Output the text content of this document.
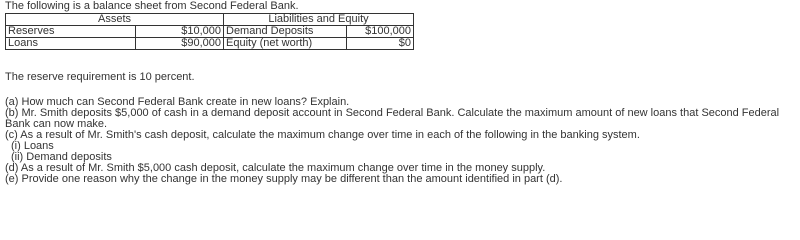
The following is a balance sheet from Second Federal Bank.
Assets		Liabilities and Equity	
Reserves	$10,000	Demand Deposits	$100,000
Loans	$90,000	Equity (net worth)	$0
The reserve requirement is 10 percent.
(a) How much can Second Federal Bank create in new loans? Explain.
(b) Mr. Smith deposits $5,000 of cash in a demand deposit account in Second Federal Bank. Calculate the maximum amount of new loans that Second Federal Bank can now make.
(c) As a result of Mr. Smith's cash deposit, calculate the maximum change over time in each of the following in the banking system.
(i) Loans
(ii) Demand deposits
(d) As a result of Mr. Smith $5,000 cash deposit, calculate the maximum change over time in the money supply.
(e) Provide one reason why the change in the money supply may be different than the amount identified in part (d).
